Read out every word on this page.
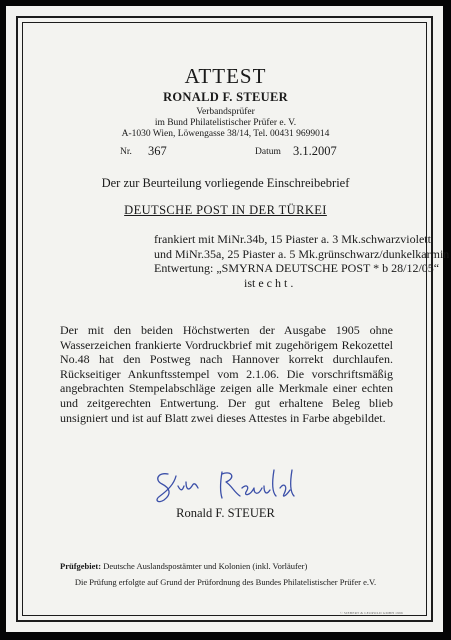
ATTEST
RONALD F. STEUER
Verbandsprüfer
im Bund Philatelistischer Prüfer e. V.
A-1030 Wien, Löwengasse 38/14, Tel. 00431 9699014
Nr. 367	Datum 3.1.2007
Der zur Beurteilung vorliegende Einschreibebrief
DEUTSCHE POST IN DER TÜRKEI
frankiert mit MiNr.34b, 15 Piaster a. 3 Mk.schwarzviolett
und MiNr.35a, 25 Piaster a. 5 Mk.grünschwarz/dunkelkarmin
Entwertung: „SMYRNA DEUTSCHE POST * b 28/12/05“
ist e c h t .
Der mit den beiden Höchstwerten der Ausgabe 1905 ohne Wasserzeichen frankierte Vordruckbrief mit zugehörigem Rekozettel No.48 hat den Postweg nach Hannover korrekt durchlaufen. Rückseitiger Ankunftsstempel vom 2.1.06. Die vorschriftsmäßig angebrachten Stempelabschläge zeigen alle Merkmale einer echten und zeitgerechten Entwertung. Der gut erhaltene Beleg blieb unsigniert und ist auf Blatt zwei dieses Attestes in Farbe abgebildet.
Steve Reuldd
Ronald F. STEUER
Prüfgebiet: Deutsche Auslandspostämter und Kolonien (inkl. Vorläufer)
Die Prüfung erfolgte auf Grund der Prüfordnung des Bundes Philatelistischer Prüfer e.V.
© SIEBERT & LEOPOLD GMBH 1996
